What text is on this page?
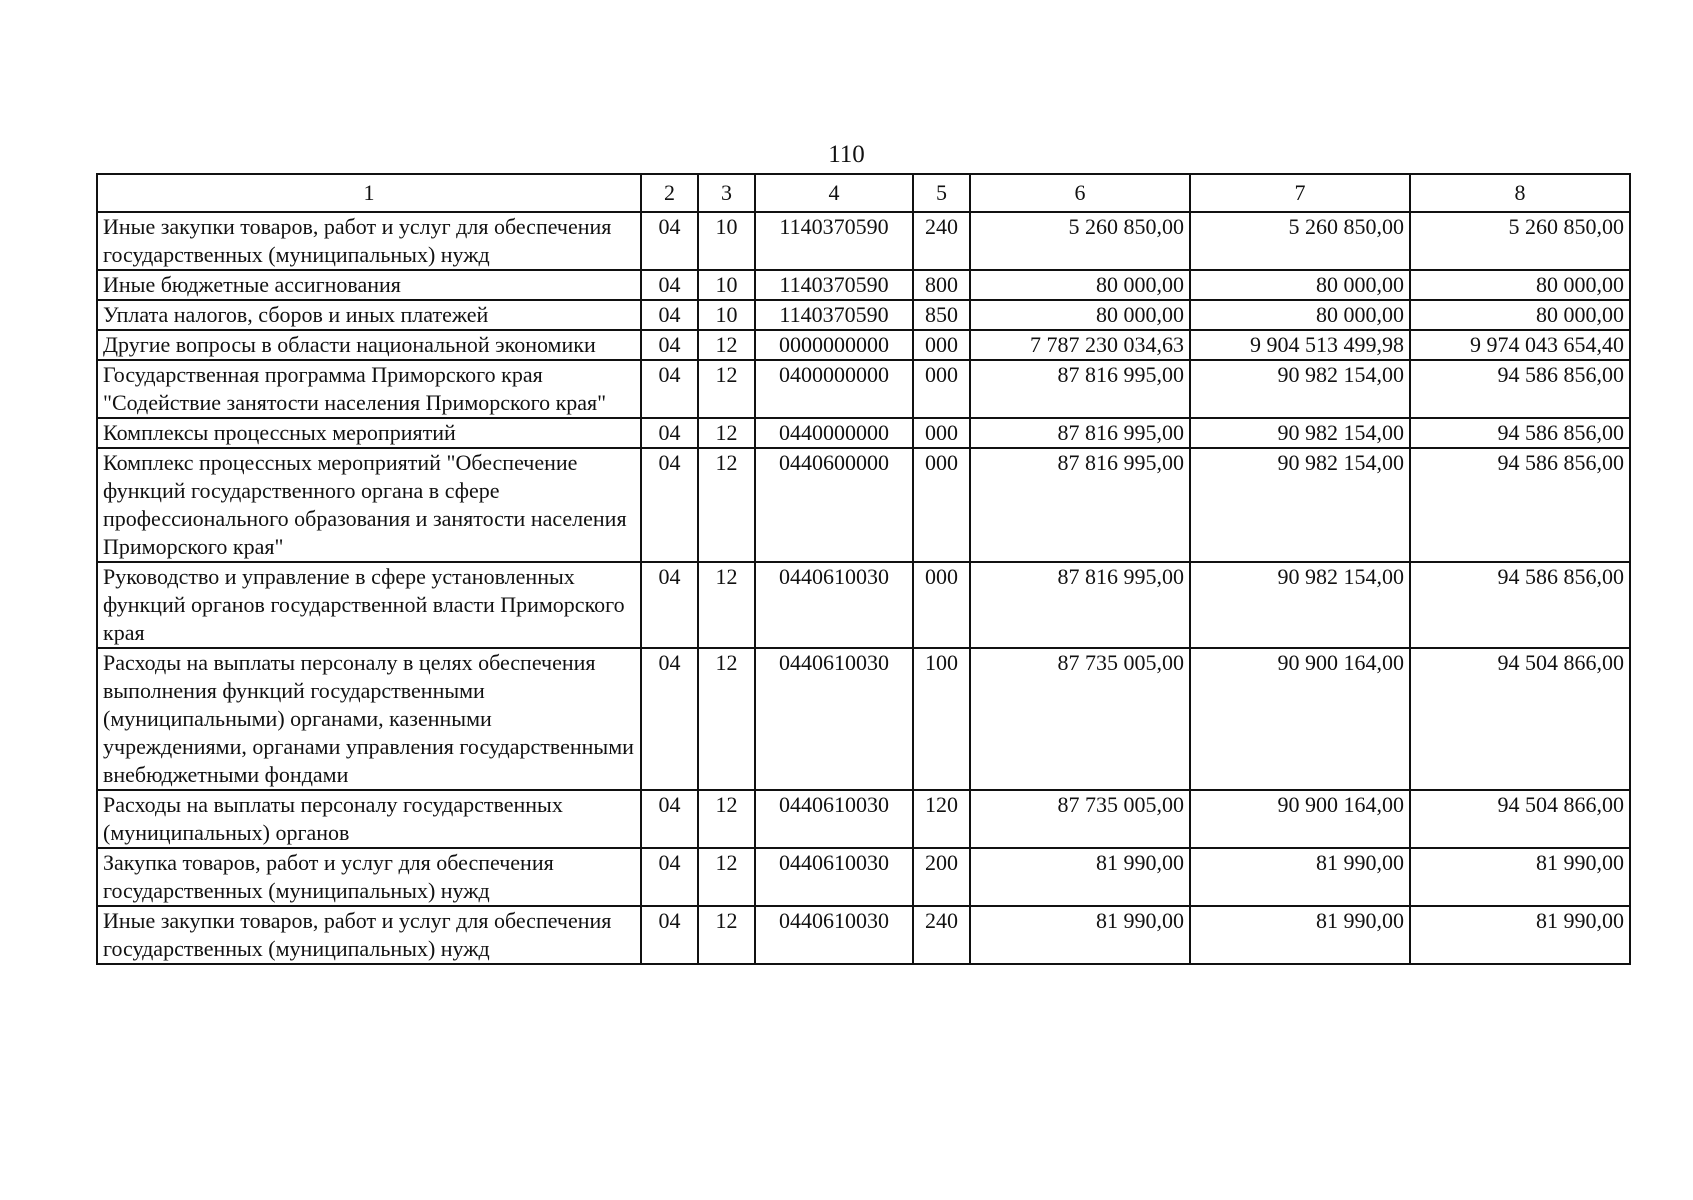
110
1	2	3	4	5	6	7	8
Иные закупки товаров, работ и услуг для обеспечения государственных (муниципальных) нужд	04	10	1140370590	240	5 260 850,00	5 260 850,00	5 260 850,00
Иные бюджетные ассигнования	04	10	1140370590	800	80 000,00	80 000,00	80 000,00
Уплата налогов, сборов и иных платежей	04	10	1140370590	850	80 000,00	80 000,00	80 000,00
Другие вопросы в области национальной экономики	04	12	0000000000	000	7 787 230 034,63	9 904 513 499,98	9 974 043 654,40
Государственная программа Приморского края "Содействие занятости населения Приморского края"	04	12	0400000000	000	87 816 995,00	90 982 154,00	94 586 856,00
Комплексы процессных мероприятий	04	12	0440000000	000	87 816 995,00	90 982 154,00	94 586 856,00
Комплекс процессных мероприятий "Обеспечение функций государственного органа в сфере профессионального образования и занятости населения Приморского края"	04	12	0440600000	000	87 816 995,00	90 982 154,00	94 586 856,00
Руководство и управление в сфере установленных функций органов государственной власти Приморского края	04	12	0440610030	000	87 816 995,00	90 982 154,00	94 586 856,00
Расходы на выплаты персоналу в целях обеспечения выполнения функций государственными (муниципальными) органами, казенными учреждениями, органами управления государственными внебюджетными фондами	04	12	0440610030	100	87 735 005,00	90 900 164,00	94 504 866,00
Расходы на выплаты персоналу государственных (муниципальных) органов	04	12	0440610030	120	87 735 005,00	90 900 164,00	94 504 866,00
Закупка товаров, работ и услуг для обеспечения государственных (муниципальных) нужд	04	12	0440610030	200	81 990,00	81 990,00	81 990,00
Иные закупки товаров, работ и услуг для обеспечения государственных (муниципальных) нужд	04	12	0440610030	240	81 990,00	81 990,00	81 990,00
